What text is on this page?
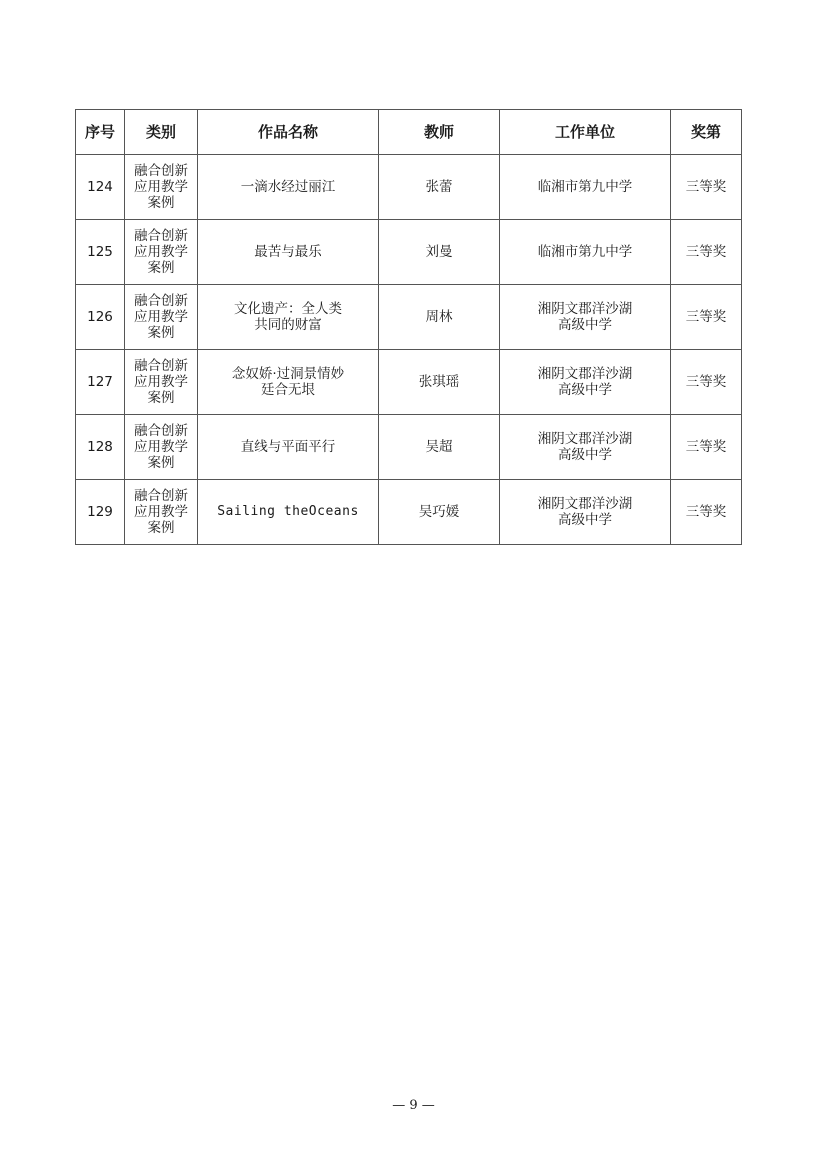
序号	类别	作品名称	教师	工作单位	奖第
124	融合创新
应用教学
案例	一滴水经过丽江	张蕾	临湘市第九中学	三等奖
125	融合创新
应用教学
案例	最苦与最乐	刘曼	临湘市第九中学	三等奖
126	融合创新
应用教学
案例	文化遗产：全人类
共同的财富	周林	湘阴文郡洋沙湖
高级中学	三等奖
127	融合创新
应用教学
案例	念奴娇·过洞景情妙
廷合无垠	张琪瑶	湘阴文郡洋沙湖
高级中学	三等奖
128	融合创新
应用教学
案例	直线与平面平行	吴超	湘阴文郡洋沙湖
高级中学	三等奖
129	融合创新
应用教学
案例	Sailing theOceans	吴巧媛	湘阴文郡洋沙湖
高级中学	三等奖
— 9 —
